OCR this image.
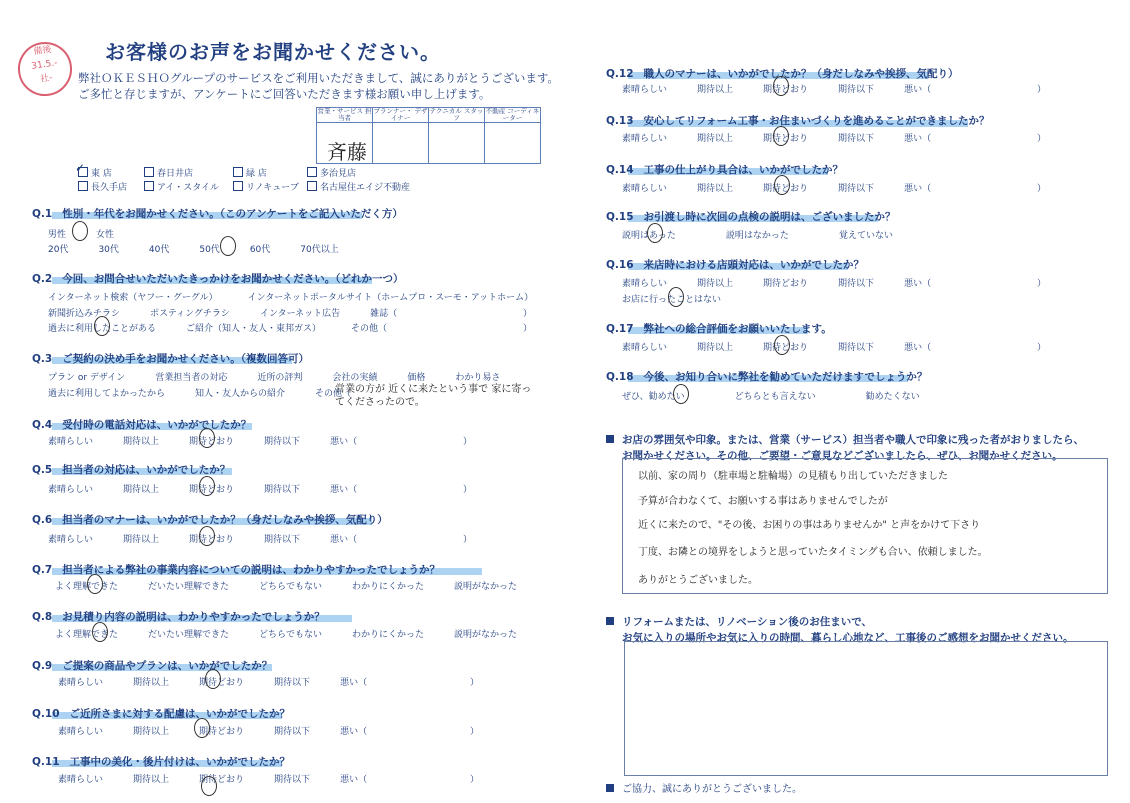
備後
31.5.-
社-
お客様のお声をお聞かせください。
弊社ＯＫＥＳＨＯグループのサービスをご利用いただきまして、誠にありがとうございます。
ご多忙と存じますが、アンケートにご回答いただきます様お願い申し上げます。
営業・サービス 担当者	プランナー・ デザイナー	テクニカル スタッフ	不動産 コーディネーター

斉藤
東 店	春日井店	緑 店	多治見店
長久手店	アイ・スタイル	リノキューブ	名古屋住エイジ不動産
✓
Q.1 性別・年代をお聞かせください。（このアンケートをご記入いただく方）
男性	女性
20代	30代	40代	50代	60代	70代以上
Q.2 今回、お問合せいただいたきっかけをお聞かせください。（どれか一つ）
インターネット検索（ヤフー・グーグル）	インターネットポータルサイト（ホームプロ・スーモ・アットホーム）
新聞折込みチラシ	ポスティングチラシ	インターネット広告	雑誌（	）
過去に利用したことがある	ご紹介（知人・友人・東邦ガス）	その他（	）
Q.3 ご契約の決め手をお聞かせください。（複数回答可）
プラン or デザイン	営業担当者の対応	近所の評判	会社の実績	価格	わかり易さ
過去に利用してよかったから	知人・友人からの紹介	その他（
営業の方が 近くに来たという事で 家に寄ってくださったので。
Q.4 受付時の電話対応は、いかがでしたか？
素晴らしい	期待以上	期待どおり	期待以下	悪い（	）
Q.5 担当者の対応は、いかがでしたか？
素晴らしい	期待以上	期待どおり	期待以下	悪い（	）
Q.6 担当者のマナーは、いかがでしたか？（身だしなみや挨拶、気配り）
素晴らしい	期待以上	期待どおり	期待以下	悪い（	）
Q.7 担当者による弊社の事業内容についての説明は、わかりやすかったでしょうか？
よく理解できた	だいたい理解できた	どちらでもない	わかりにくかった	説明がなかった
Q.8 お見積り内容の説明は、わかりやすかったでしょうか？
よく理解できた	だいたい理解できた	どちらでもない	わかりにくかった	説明がなかった
Q.9 ご提案の商品やプランは、いかがでしたか？
素晴らしい	期待以上	期待どおり	期待以下	悪い（	）
Q.10 ご近所さまに対する配慮は、いかがでしたか？
素晴らしい	期待以上	期待どおり	期待以下	悪い（	）
Q.11 工事中の美化・後片付けは、いかがでしたか？
素晴らしい	期待以上	期待どおり	期待以下	悪い（	）
Q.12 職人のマナーは、いかがでしたか？（身だしなみや挨拶、気配り）
素晴らしい	期待以上	期待どおり	期待以下	悪い（	）
Q.13 安心してリフォーム工事・お住まいづくりを進めることができましたか？
素晴らしい	期待以上	期待どおり	期待以下	悪い（	）
Q.14 工事の仕上がり具合は、いかがでしたか？
素晴らしい	期待以上	期待どおり	期待以下	悪い（	）
Q.15 お引渡し時に次回の点検の説明は、ございましたか？
説明はあった	説明はなかった	覚えていない
Q.16 来店時における店頭対応は、いかがでしたか？
素晴らしい	期待以上	期待どおり	期待以下	悪い（	）
お店に行ったことはない
Q.17 弊社への総合評価をお願いいたします。
素晴らしい	期待以上	期待どおり	期待以下	悪い（	）
Q.18 今後、お知り合いに弊社を勧めていただけますでしょうか？
ぜひ、勧めたい	どちらとも言えない	勧めたくない
お店の雰囲気や印象。または、営業（サービス）担当者や職人で印象に残った者がおりましたら、
お聞かせください。その他、ご要望・ご意見などございましたら、ぜひ、お聞かせください。
以前、家の周り（駐車場と駐輪場）の見積もり出していただきました
予算が合わなくて、お願いする事はありませんでしたが
近くに来たので、"その後、お困りの事はありませんか" と声をかけて下さり
丁度、お隣との境界をしようと思っていたタイミングも合い、依頼しました。
ありがとうございました。
リフォームまたは、リノベーション後のお住まいで、
お気に入りの場所やお気に入りの時間、暮らし心地など、工事後のご感想をお聞かせください。
ご協力、誠にありがとうございました。
